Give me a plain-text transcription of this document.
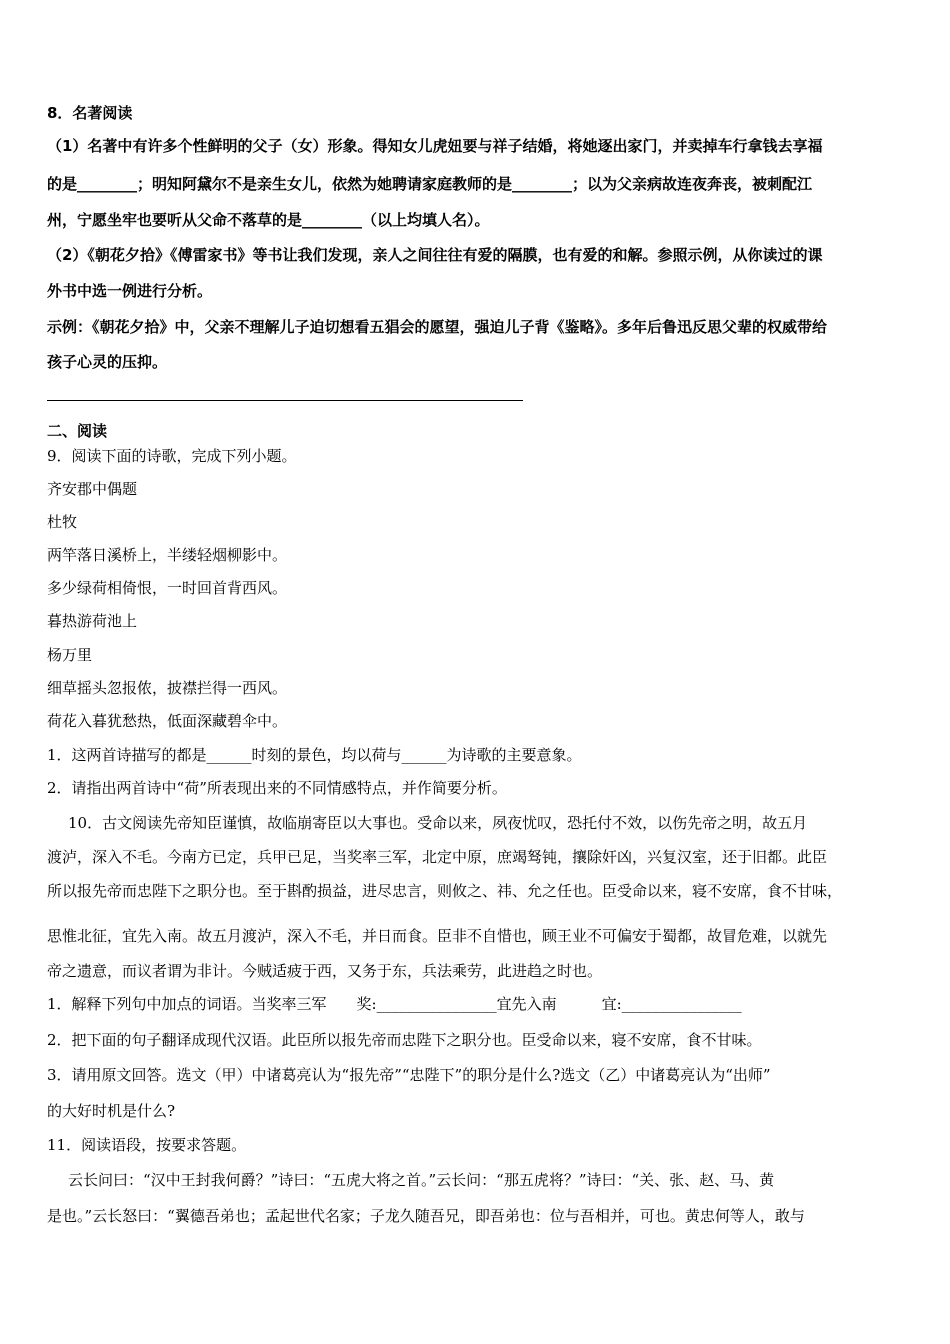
8．名著阅读
（1）名著中有许多个性鲜明的父子（女）形象。得知女儿虎妞要与祥子结婚，将她逐出家门，并卖掉车行拿钱去享福
的是________；明知阿黛尔不是亲生女儿，依然为她聘请家庭教师的是________；以为父亲病故连夜奔丧，被刺配江
州，宁愿坐牢也要听从父命不落草的是________（以上均填人名）。
（2）《朝花夕拾》《傅雷家书》等书让我们发现，亲人之间往往有爱的隔膜，也有爱的和解。参照示例，从你读过的课
外书中选一例进行分析。
示例：《朝花夕拾》中，父亲不理解儿子迫切想看五猖会的愿望，强迫儿子背《鉴略》。多年后鲁迅反思父辈的权威带给
孩子心灵的压抑。
二、阅读
9．阅读下面的诗歌，完成下列小题。
齐安郡中偶题
杜牧
两竿落日溪桥上，半缕轻烟柳影中。
多少绿荷相倚恨，一时回首背西风。
暮热游荷池上
杨万里
细草摇头忽报侬，披襟拦得一西风。
荷花入暮犹愁热，低面深藏碧伞中。
1．这两首诗描写的都是______时刻的景色，均以荷与______为诗歌的主要意象。
2．请指出两首诗中“荷”所表现出来的不同情感特点，并作简要分析。
10．古文阅读先帝知臣谨慎，故临崩寄臣以大事也。受命以来，夙夜忧叹，恐托付不效，以伤先帝之明，故五月
渡泸，深入不毛。今南方已定，兵甲已足，当奖率三军，北定中原，庶竭驽钝，攘除奸凶，兴复汉室，还于旧都。此臣
所以报先帝而忠陛下之职分也。至于斟酌损益，进尽忠言，则攸之、祎、允之任也。臣受命以来，寝不安席，食不甘味，
思惟北征，宜先入南。故五月渡泸，深入不毛，并日而食。臣非不自惜也，顾王业不可偏安于蜀都，故冒危难，以就先
帝之遗意，而议者谓为非计。今贼适疲于西，又务于东，兵法乘劳，此进趋之时也。
1．解释下列句中加点的词语。当奖率三军　　奖:________________宜先入南　　　宜:________________
2．把下面的句子翻译成现代汉语。此臣所以报先帝而忠陛下之职分也。臣受命以来，寝不安席，食不甘味。
3．请用原文回答。选文（甲）中诸葛亮认为“报先帝”“忠陛下”的职分是什么?选文（乙）中诸葛亮认为“出师”
的大好时机是什么?
11．阅读语段，按要求答题。
云长问曰：“汉中王封我何爵？”诗曰：“五虎大将之首。”云长问：“那五虎将？”诗曰：“关、张、赵、马、黄
是也。”云长怒曰：“翼德吾弟也；孟起世代名家；子龙久随吾兄，即吾弟也：位与吾相并，可也。黄忠何等人，敢与
